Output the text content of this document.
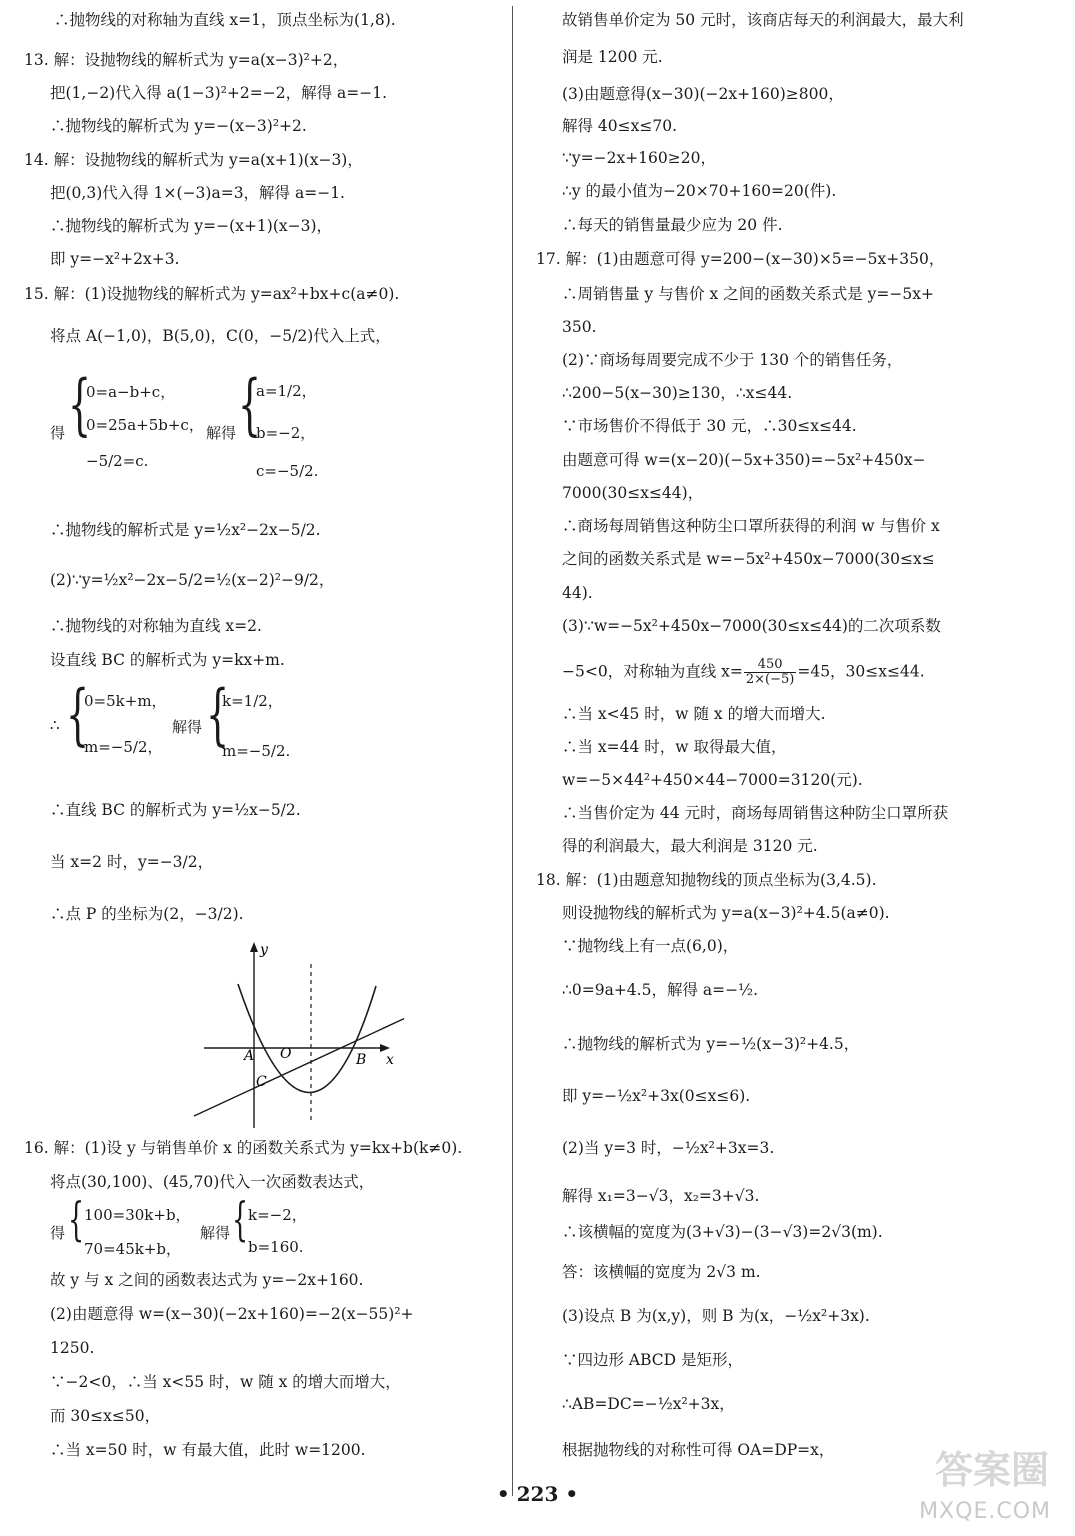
∴抛物线的对称轴为直线 x=1，顶点坐标为(1,8).
13. 解：设抛物线的解析式为 y=a(x−3)²+2，
把(1,−2)代入得 a(1−3)²+2=−2，解得 a=−1.
∴抛物线的解析式为 y=−(x−3)²+2.
14. 解：设抛物线的解析式为 y=a(x+1)(x−3)，
把(0,3)代入得 1×(−3)a=3，解得 a=−1.
∴抛物线的解析式为 y=−(x+1)(x−3)，
即 y=−x²+2x+3.
15. 解：(1)设抛物线的解析式为 y=ax²+bx+c(a≠0).
将点 A(−1,0)，B(5,0)，C(0，−5/2)代入上式，
得 {
0=a−b+c，
0=25a+5b+c，
−5/2=c.
解得 {
a=1/2，
b=−2，
c=−5/2.
∴抛物线的解析式是 y=½x²−2x−5/2.
(2)∵y=½x²−2x−5/2=½(x−2)²−9/2，
∴抛物线的对称轴为直线 x=2.
设直线 BC 的解析式为 y=kx+m.
∴ {
0=5k+m，
m=−5/2，
解得 {
k=1/2，
m=−5/2.
∴直线 BC 的解析式为 y=½x−5/2.
当 x=2 时，y=−3/2，
∴点 P 的坐标为(2，−3/2).
y
x
A O	B
C
16. 解：(1)设 y 与销售单价 x 的函数关系式为 y=kx+b(k≠0).
将点(30,100)、(45,70)代入一次函数表达式，
得 { 100=30k+b，
70=45k+b，
解得 { k=−2，
b=160.
故 y 与 x 之间的函数表达式为 y=−2x+160.
(2)由题意得 w=(x−30)(−2x+160)=−2(x−55)²+
1250.
∵−2<0，∴当 x<55 时，w 随 x 的增大而增大，
而 30≤x≤50，
∴当 x=50 时，w 有最大值，此时 w=1200.
故销售单价定为 50 元时，该商店每天的利润最大，最大利
润是 1200 元.
(3)由题意得(x−30)(−2x+160)≥800，
解得 40≤x≤70.
∵y=−2x+160≥20，
∴y 的最小值为−20×70+160=20(件).
∴每天的销售量最少应为 20 件.
17. 解：(1)由题意可得 y=200−(x−30)×5=−5x+350，
∴周销售量 y 与售价 x 之间的函数关系式是 y=−5x+
350.
(2)∵商场每周要完成不少于 130 个的销售任务，
∴200−5(x−30)≥130，∴x≤44.
∵市场售价不得低于 30 元，∴30≤x≤44.
由题意可得 w=(x−20)(−5x+350)=−5x²+450x−
7000(30≤x≤44)，
∴商场每周销售这种防尘口罩所获得的利润 w 与售价 x
之间的函数关系式是 w=−5x²+450x−7000(30≤x≤
44).
(3)∵w=−5x²+450x−7000(30≤x≤44)的二次项系数
−5<0，对称轴为直线 $x= \frac{450}{2\times(-5)} =45$，30≤x≤44.
∴当 x<45 时，w 随 x 的增大而增大.
∴当 x=44 时，w 取得最大值，
w=−5×44²+450×44−7000=3120(元).
∴当售价定为 44 元时，商场每周销售这种防尘口罩所获
得的利润最大，最大利润是 3120 元.
18. 解：(1)由题意知抛物线的顶点坐标为(3,4.5).
则设抛物线的解析式为 y=a(x−3)²+4.5(a≠0).
∵抛物线上有一点(6,0)，
∴0=9a+4.5，解得 a=−½.
∴抛物线的解析式为 y=−½(x−3)²+4.5，
即 y=−½x²+3x(0≤x≤6).
(2)当 y=3 时，−½x²+3x=3.
解得 x₁=3−√3，x₂=3+√3.
∴该横幅的宽度为(3+√3)−(3−√3)=2√3(m).
答：该横幅的宽度为 2√3 m.
(3)设点 B 为(x,y)，则 B 为(x，−½x²+3x).
∵四边形 ABCD 是矩形，
∴AB=DC=−½x²+3x，
根据抛物线的对称性可得 OA=DP=x，
• 223 •
答案圈
MXQE.COM
